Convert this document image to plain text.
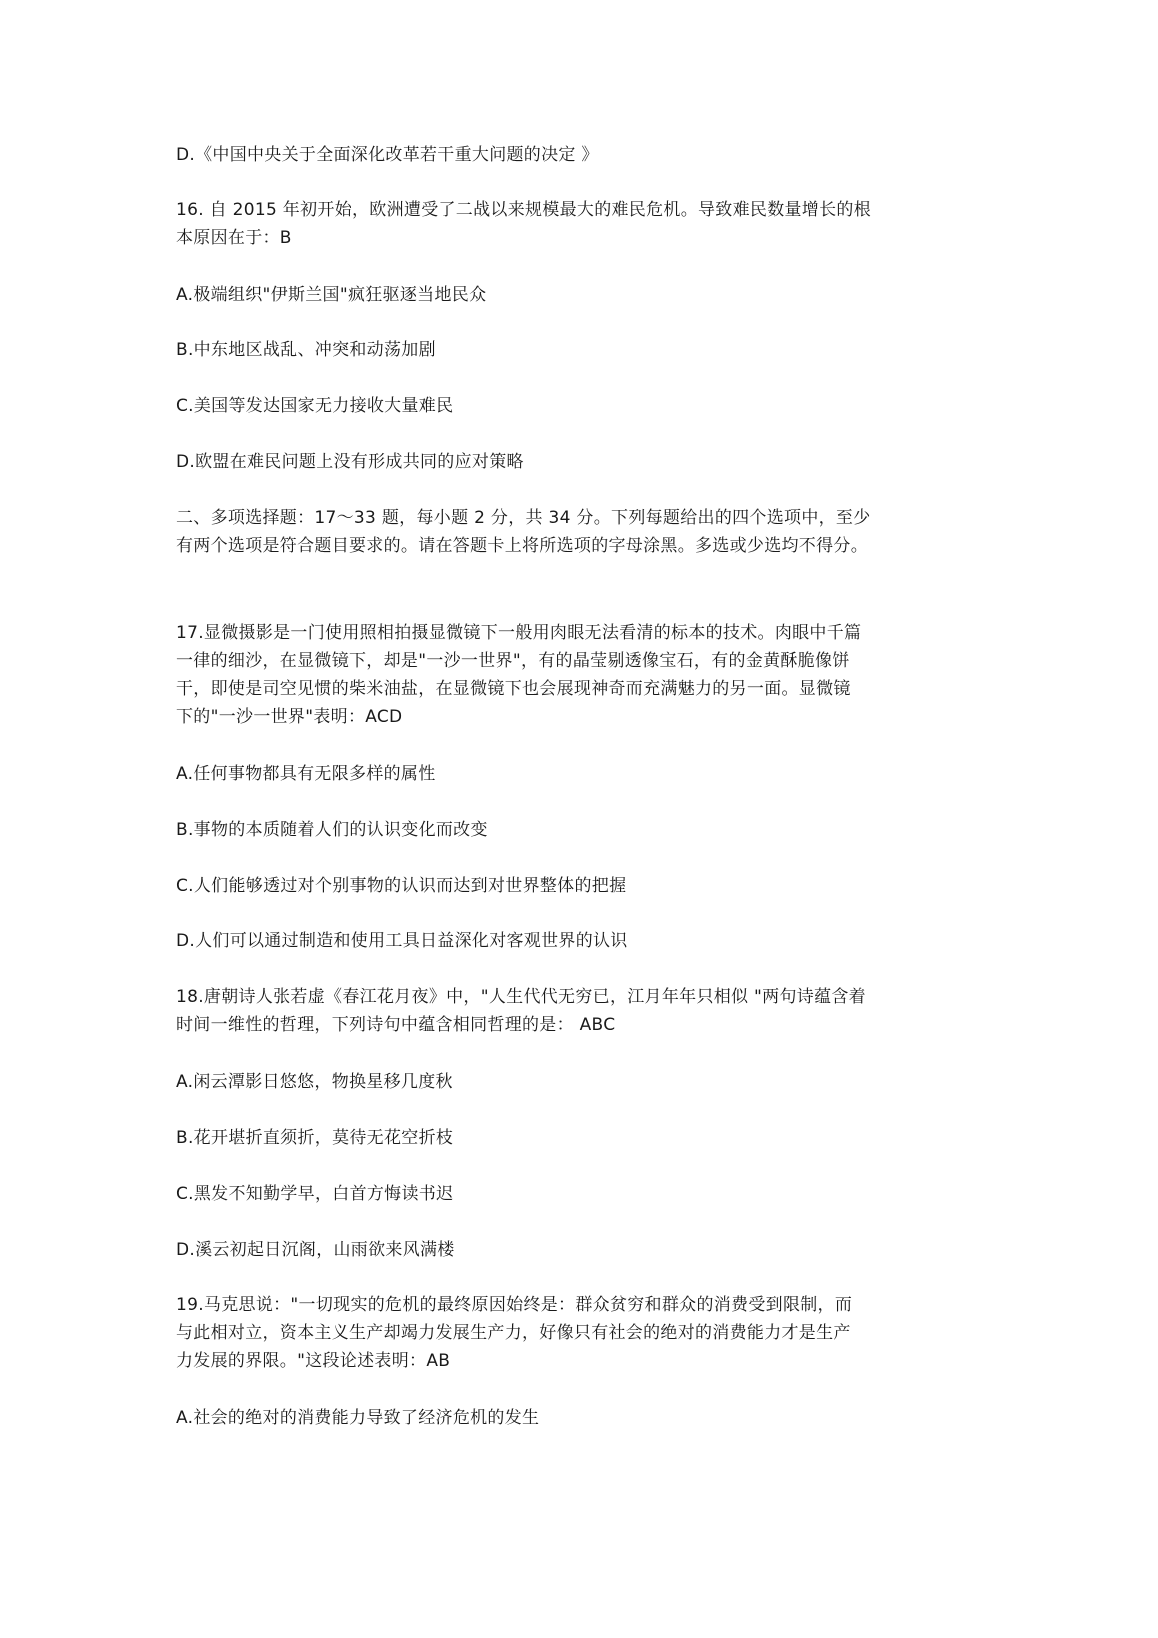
D.《中国中央关于全面深化改革若干重大问题的决定 》
16. 自 2015 年初开始，欧洲遭受了二战以来规模最大的难民危机。导致难民数量增长的根
本原因在于：B
A.极端组织"伊斯兰国"疯狂驱逐当地民众
B.中东地区战乱、冲突和动荡加剧
C.美国等发达国家无力接收大量难民
D.欧盟在难民问题上没有形成共同的应对策略
二、多项选择题：17～33 题，每小题 2 分，共 34 分。下列每题给出的四个选项中，至少
有两个选项是符合题目要求的。请在答题卡上将所选项的字母涂黑。多选或少选均不得分。
17.显微摄影是一门使用照相拍摄显微镜下一般用肉眼无法看清的标本的技术。肉眼中千篇
一律的细沙，在显微镜下，却是"一沙一世界"，有的晶莹剔透像宝石，有的金黄酥脆像饼
干，即使是司空见惯的柴米油盐，在显微镜下也会展现神奇而充满魅力的另一面。显微镜
下的"一沙一世界"表明：ACD
A.任何事物都具有无限多样的属性
B.事物的本质随着人们的认识变化而改变
C.人们能够透过对个别事物的认识而达到对世界整体的把握
D.人们可以通过制造和使用工具日益深化对客观世界的认识
18.唐朝诗人张若虚《春江花月夜》中，"人生代代无穷已，江月年年只相似 "两句诗蕴含着
时间一维性的哲理，下列诗句中蕴含相同哲理的是： ABC
A.闲云潭影日悠悠，物换星移几度秋
B.花开堪折直须折，莫待无花空折枝
C.黑发不知勤学早，白首方悔读书迟
D.溪云初起日沉阁，山雨欲来风满楼
19.马克思说："一切现实的危机的最终原因始终是：群众贫穷和群众的消费受到限制，而
与此相对立，资本主义生产却竭力发展生产力，好像只有社会的绝对的消费能力才是生产
力发展的界限。"这段论述表明：AB
A.社会的绝对的消费能力导致了经济危机的发生
